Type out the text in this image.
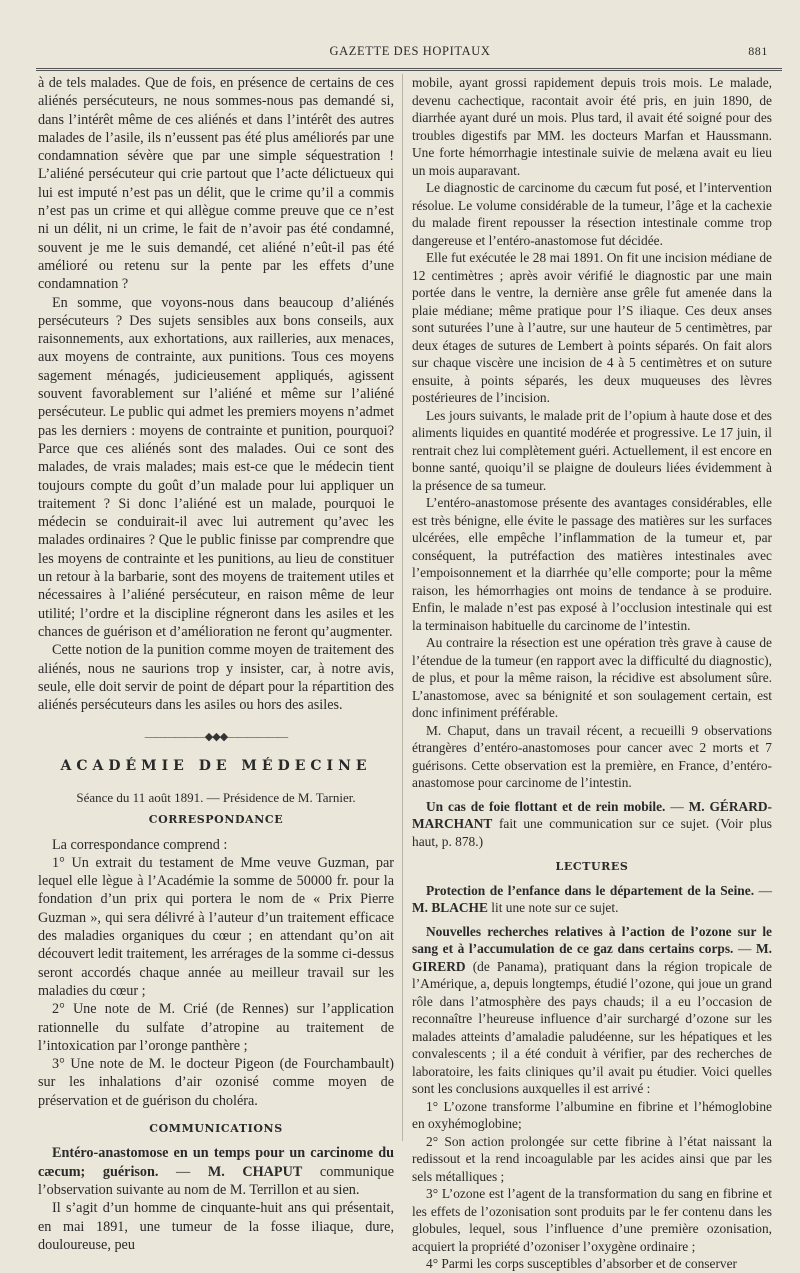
GAZETTE DES HOPITAUX	881

à de tels malades. Que de fois, en présence de certains de ces aliénés persécuteurs, ne nous sommes-nous pas demandé si, dans l’intérêt même de ces aliénés et dans l’intérêt des autres malades de l’asile, ils n’eussent pas été plus améliorés par une condamnation sévère que par une simple séquestration ! L’aliéné persécuteur qui crie partout que l’acte délictueux qui lui est imputé n’est pas un délit, que le crime qu’il a commis n’est pas un crime et qui allègue comme preuve que ce n’est ni un délit, ni un crime, le fait de n’avoir pas été condamné, souvent je me le suis demandé, cet aliéné n’eût-il pas été amélioré ou retenu sur la pente par les effets d’une condamnation ?

En somme, que voyons-nous dans beaucoup d’aliénés persécuteurs ? Des sujets sensibles aux bons conseils, aux raisonnements, aux exhortations, aux railleries, aux menaces, aux moyens de contrainte, aux punitions. Tous ces moyens sagement ménagés, judicieusement appliqués, agissent souvent favorablement sur l’aliéné et même sur l’aliéné persécuteur. Le public qui admet les premiers moyens n’admet pas les derniers : moyens de contrainte et punition, pourquoi? Parce que ces aliénés sont des malades. Oui ce sont des malades, de vrais malades; mais est-ce que le médecin tient toujours compte du goût d’un malade pour lui appliquer un traitement ? Si donc l’aliéné est un malade, pourquoi le médecin se conduirait-il avec lui autrement qu’avec les malades ordinaires ? Que le public finisse par comprendre que les moyens de contrainte et les punitions, au lieu de constituer un retour à la barbarie, sont des moyens de traitement utiles et nécessaires à l’aliéné persécuteur, en raison même de leur utilité; l’ordre et la discipline régneront dans les asiles et les chances de guérison et d’amélioration ne feront qu’augmenter.

Cette notion de la punition comme moyen de traitement des aliénés, nous ne saurions trop y insister, car, à notre avis, seule, elle doit servir de point de départ pour la répartition des aliénés persécuteurs dans les asiles ou hors des asiles.

――――――◆◆◆――――――
ACADÉMIE DE MÉDECINE

Séance du 11 août 1891. — Présidence de M. Tarnier.

CORRESPONDANCE

La correspondance comprend :

1° Un extrait du testament de Mme veuve Guzman, par lequel elle lègue à l’Académie la somme de 50000 fr. pour la fondation d’un prix qui portera le nom de « Prix Pierre Guzman », qui sera délivré à l’auteur d’un traitement efficace des maladies organiques du cœur ; en attendant qu’on ait découvert ledit traitement, les arrérages de la somme ci-dessus seront accordés chaque année au meilleur travail sur les maladies du cœur ;

2° Une note de M. Crié (de Rennes) sur l’application rationnelle du sulfate d’atropine au traitement de l’intoxication par l’oronge panthère ;

3° Une note de M. le docteur Pigeon (de Fourchambault) sur les inhalations d’air ozonisé comme moyen de préservation et de guérison du choléra.

COMMUNICATIONS

Entéro-anastomose en un temps pour un carcinome du cæcum; guérison. — M. CHAPUT communique l’observation suivante au nom de M. Terrillon et au sien.

Il s’agit d’un homme de cinquante-huit ans qui présentait, en mai 1891, une tumeur de la fosse iliaque, dure, douloureuse, peu

mobile, ayant grossi rapidement depuis trois mois. Le malade, devenu cachectique, racontait avoir été pris, en juin 1890, de diarrhée ayant duré un mois. Plus tard, il avait été soigné pour des troubles digestifs par MM. les docteurs Marfan et Haussmann. Une forte hémorrhagie intestinale suivie de melæna avait eu lieu un mois auparavant.

Le diagnostic de carcinome du cæcum fut posé, et l’intervention résolue. Le volume considérable de la tumeur, l’âge et la cachexie du malade firent repousser la résection intestinale comme trop dangereuse et l’entéro-anastomose fut décidée.

Elle fut exécutée le 28 mai 1891. On fit une incision médiane de 12 centimètres ; après avoir vérifié le diagnostic par une main portée dans le ventre, la dernière anse grêle fut amenée dans la plaie médiane; même pratique pour l’S iliaque. Ces deux anses sont suturées l’une à l’autre, sur une hauteur de 5 centimètres, par deux étages de sutures de Lembert à points séparés. On fait alors sur chaque viscère une incision de 4 à 5 centimètres et on suture ensuite, à points séparés, les deux muqueuses des lèvres postérieures de l’incision.

Les jours suivants, le malade prit de l’opium à haute dose et des aliments liquides en quantité modérée et progressive. Le 17 juin, il rentrait chez lui complètement guéri. Actuellement, il est encore en bonne santé, quoiqu’il se plaigne de douleurs liées évidemment à la présence de sa tumeur.

L’entéro-anastomose présente des avantages considérables, elle est très bénigne, elle évite le passage des matières sur les surfaces ulcérées, elle empêche l’inflammation de la tumeur et, par conséquent, la putréfaction des matières intestinales avec l’empoisonnement et la diarrhée qu’elle comporte; pour la même raison, les hémorrhagies ont moins de tendance à se produire. Enfin, le malade n’est pas exposé à l’occlusion intestinale qui est la terminaison habituelle du carcinome de l’intestin.

Au contraire la résection est une opération très grave à cause de l’étendue de la tumeur (en rapport avec la difficulté du diagnostic), de plus, et pour la même raison, la récidive est absolument sûre. L’anastomose, avec sa bénignité et son soulagement certain, est donc infiniment préférable.

M. Chaput, dans un travail récent, a recueilli 9 observations étrangères d’entéro-anastomoses pour cancer avec 2 morts et 7 guérisons. Cette observation est la première, en France, d’entéro-anastomose pour carcinome de l’intestin.

Un cas de foie flottant et de rein mobile. — M. GÉRARD-MARCHANT fait une communication sur ce sujet. (Voir plus haut, p. 878.)

LECTURES

Protection de l’enfance dans le département de la Seine. — M. BLACHE lit une note sur ce sujet.

Nouvelles recherches relatives à l’action de l’ozone sur le sang et à l’accumulation de ce gaz dans certains corps. — M. GIRERD (de Panama), pratiquant dans la région tropicale de l’Amérique, a, depuis longtemps, étudié l’ozone, qui joue un grand rôle dans l’atmosphère des pays chauds; il a eu l’occasion de reconnaître l’heureuse influence d’air surchargé d’ozone sur les malades atteints d’amaladie paludéenne, sur les hépatiques et les convalescents ; il a été conduit à vérifier, par des recherches de laboratoire, les faits cliniques qu’il avait pu étudier. Voici quelles sont les conclusions auxquelles il est arrivé :

1° L’ozone transforme l’albumine en fibrine et l’hémoglobine en oxyhémoglobine;

2° Son action prolongée sur cette fibrine à l’état naissant la redissout et la rend incoagulable par les acides ainsi que par les sels métalliques ;

3° L’ozone est l’agent de la transformation du sang en fibrine et les effets de l’ozonisation sont produits par le fer contenu dans les globules, lequel, sous l’influence d’une première ozonisation, acquiert la propriété d’ozoniser l’oxygène ordinaire ;

4° Parmi les corps susceptibles d’absorber et de conserver
